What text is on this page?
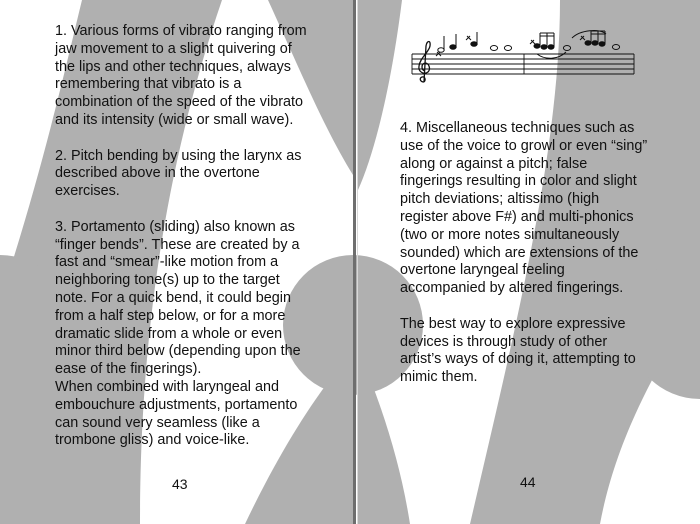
1. Various forms of vibrato ranging from jaw movement to a slight quivering of the lips and other techniques, always remembering that vibrato is a combination of the speed of the vibrato and its intensity (wide or small wave).

2. Pitch bending by using the larynx as described above in the overtone exercises.

3. Portamento (sliding) also known as “finger bends”. These are created by a fast and “smear”-like motion from a neighboring tone(s) up to the target note. For a quick bend, it could begin from a half step below, or for a more dramatic slide from a whole or even minor third below (depending upon the ease of the fingerings).

When combined with laryngeal and embouchure adjustments, portamento can sound very seamless (like a trombone gliss) and voice-like.

43

4. Miscellaneous techniques such as use of the voice to growl or even “sing” along or against a pitch; false fingerings resulting in color and slight pitch deviations; altissimo (high register above F#) and multi-phonics (two or more notes simultaneously sounded) which are extensions of the overtone laryngeal feeling accompanied by altered fingerings.

The best way to explore expressive devices is through study of other artist’s ways of doing it, attempting to mimic them.

44
